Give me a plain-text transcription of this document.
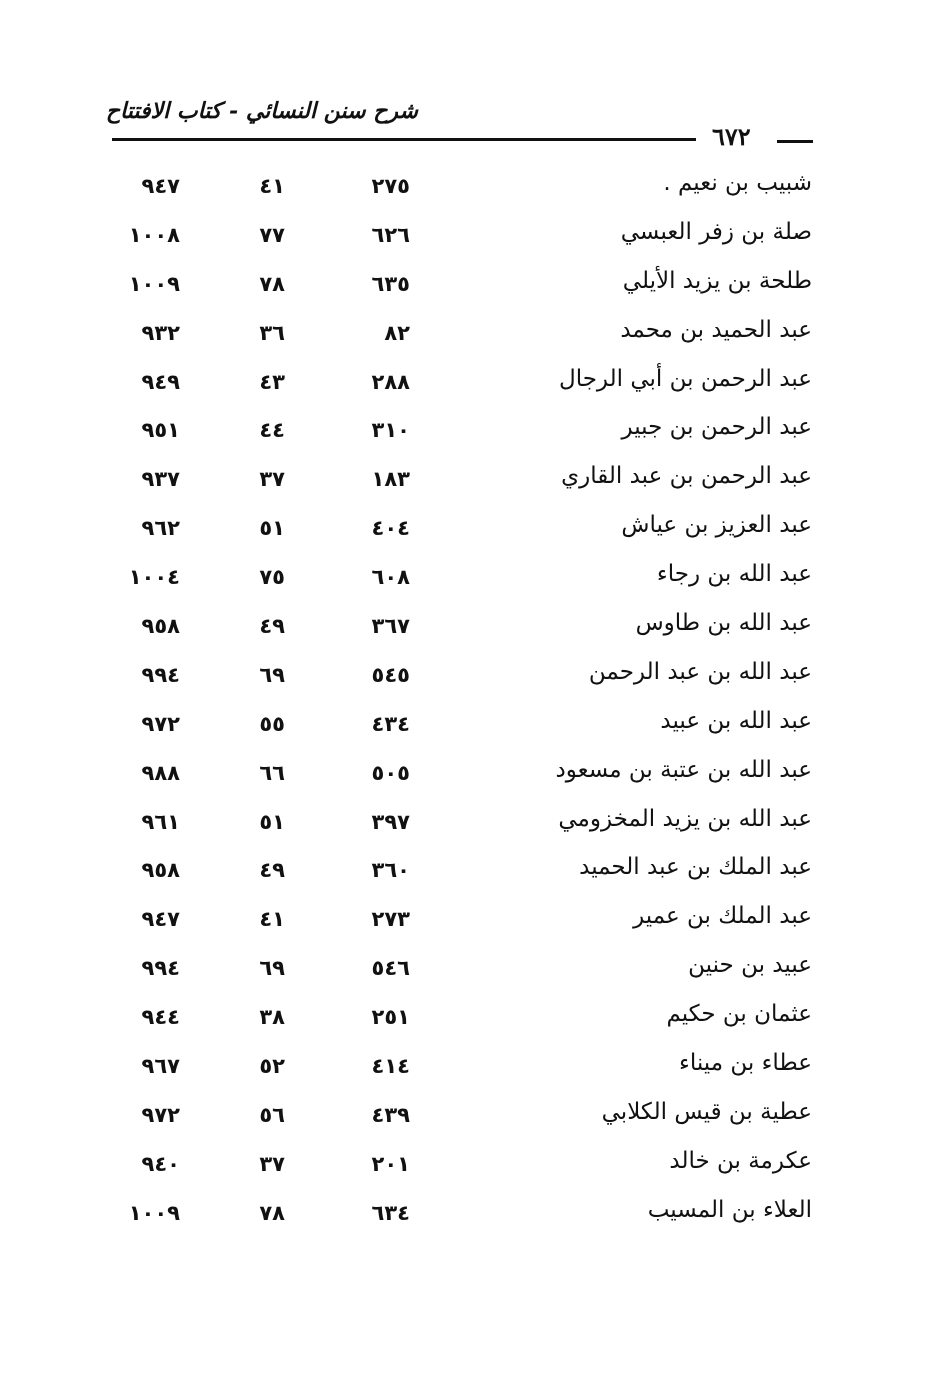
شرح سنن النسائي - كتاب الافتتاح
٦٧٢
شبيب بن نعيم .
٢٧٥
٤١
٩٤٧
صلة بن زفر العبسي
٦٢٦
٧٧
١٠٠٨
طلحة بن يزيد الأيلي
٦٣٥
٧٨
١٠٠٩
عبد الحميد بن محمد
٨٢
٣٦
٩٣٢
عبد الرحمن بن أبي الرجال
٢٨٨
٤٣
٩٤٩
عبد الرحمن بن جبير
٣١٠
٤٤
٩٥١
عبد الرحمن بن عبد القاري
١٨٣
٣٧
٩٣٧
عبد العزيز بن عياش
٤٠٤
٥١
٩٦٢
عبد الله بن رجاء
٦٠٨
٧٥
١٠٠٤
عبد الله بن طاوس
٣٦٧
٤٩
٩٥٨
عبد الله بن عبد الرحمن
٥٤٥
٦٩
٩٩٤
عبد الله بن عبيد
٤٣٤
٥٥
٩٧٢
عبد الله بن عتبة بن مسعود
٥٠٥
٦٦
٩٨٨
عبد الله بن يزيد المخزومي
٣٩٧
٥١
٩٦١
عبد الملك بن عبد الحميد
٣٦٠
٤٩
٩٥٨
عبد الملك بن عمير
٢٧٣
٤١
٩٤٧
عبيد بن حنين
٥٤٦
٦٩
٩٩٤
عثمان بن حكيم
٢٥١
٣٨
٩٤٤
عطاء بن ميناء
٤١٤
٥٢
٩٦٧
عطية بن قيس الكلابي
٤٣٩
٥٦
٩٧٢
عكرمة بن خالد
٢٠١
٣٧
٩٤٠
العلاء بن المسيب
٦٣٤
٧٨
١٠٠٩
